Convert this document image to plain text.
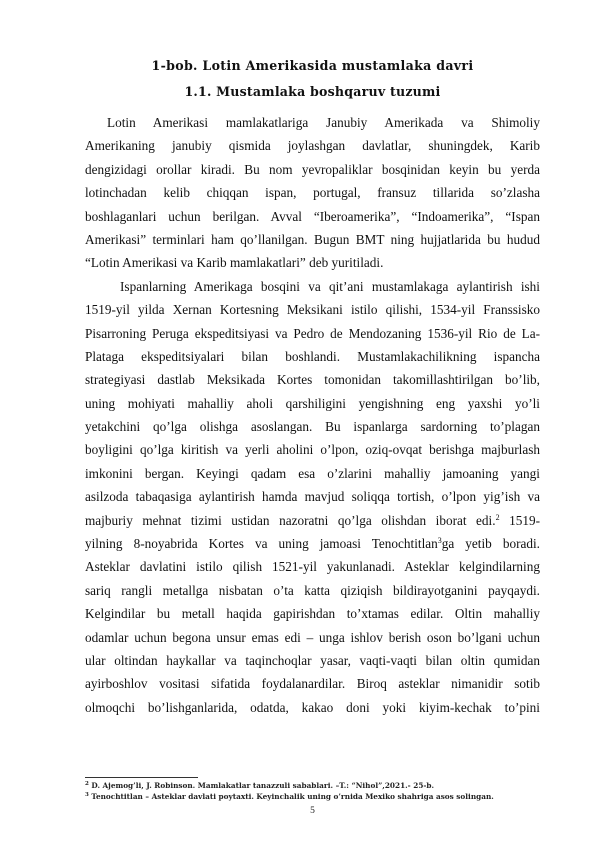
1-bob. Lotin Amerikasida mustamlaka davri
1.1. Mustamlaka boshqaruv tuzumi
Lotin Amerikasi mamlakatlariga Janubiy Amerikada va Shimoliy
Amerikaning janubiy qismida joylashgan davlatlar, shuningdek, Karib
dengizidagi orollar kiradi. Bu nom yevropaliklar bosqinidan keyin bu yerda
lotinchadan kelib chiqqan ispan, portugal, fransuz tillarida so’zlasha
boshlaganlari uchun berilgan. Avval “Iberoamerika”, “Indoamerika”, “Ispan
Amerikasi” terminlari ham qo’llanilgan. Bugun BMT ning hujjatlarida bu hudud
“Lotin Amerikasi va Karib mamlakatlari” deb yuritiladi.
Ispanlarning Amerikaga bosqini va qit’ani mustamlakaga aylantirish ishi
1519-yil yilda Xernan Kortesning Meksikani istilo qilishi, 1534-yil Franssisko
Pisarroning Peruga ekspeditsiyasi va Pedro de Mendozaning 1536-yil Rio de La-
Plataga ekspeditsiyalari bilan boshlandi. Mustamlakachilikning ispancha
strategiyasi dastlab Meksikada Kortes tomonidan takomillashtirilgan bo’lib,
uning mohiyati mahalliy aholi qarshiligini yengishning eng yaxshi yo’li
yetakchini qo’lga olishga asoslangan. Bu ispanlarga sardorning to’plagan
boyligini qo’lga kiritish va yerli aholini o’lpon, oziq-ovqat berishga majburlash
imkonini bergan. Keyingi qadam esa o’zlarini mahalliy jamoaning yangi
asilzoda tabaqasiga aylantirish hamda mavjud soliqqa tortish, o’lpon yig’ish va
majburiy mehnat tizimi ustidan nazoratni qo’lga olishdan iborat edi.$^2$ 1519-
yilning 8-noyabrida Kortes va uning jamoasi Tenochtitlan$^3$ga yetib boradi.
Asteklar davlatini istilo qilish 1521-yil yakunlanadi. Asteklar kelgindilarning
sariq rangli metallga nisbatan o’ta katta qiziqish bildirayotganini payqaydi.
Kelgindilar bu metall haqida gapirishdan to’xtamas edilar. Oltin mahalliy
odamlar uchun begona unsur emas edi – unga ishlov berish oson bo’lgani uchun
ular oltindan haykallar va taqinchoqlar yasar, vaqti-vaqti bilan oltin qumidan
ayirboshlov vositasi sifatida foydalanardilar. Biroq asteklar nimanidir sotib
olmoqchi bo’lishganlarida, odatda, kakao doni yoki kiyim-kechak to’pini
$^2$ D. Ajemog’li, J. Robinson. Mamlakatlar tanazzuli sabablari. –T.: “Nihol”,2021.- 25-b.
$^3$ Tenochtitlan – Asteklar davlati poytaxti. Keyinchalik uning o’rnida Mexiko shahriga asos solingan.
5
